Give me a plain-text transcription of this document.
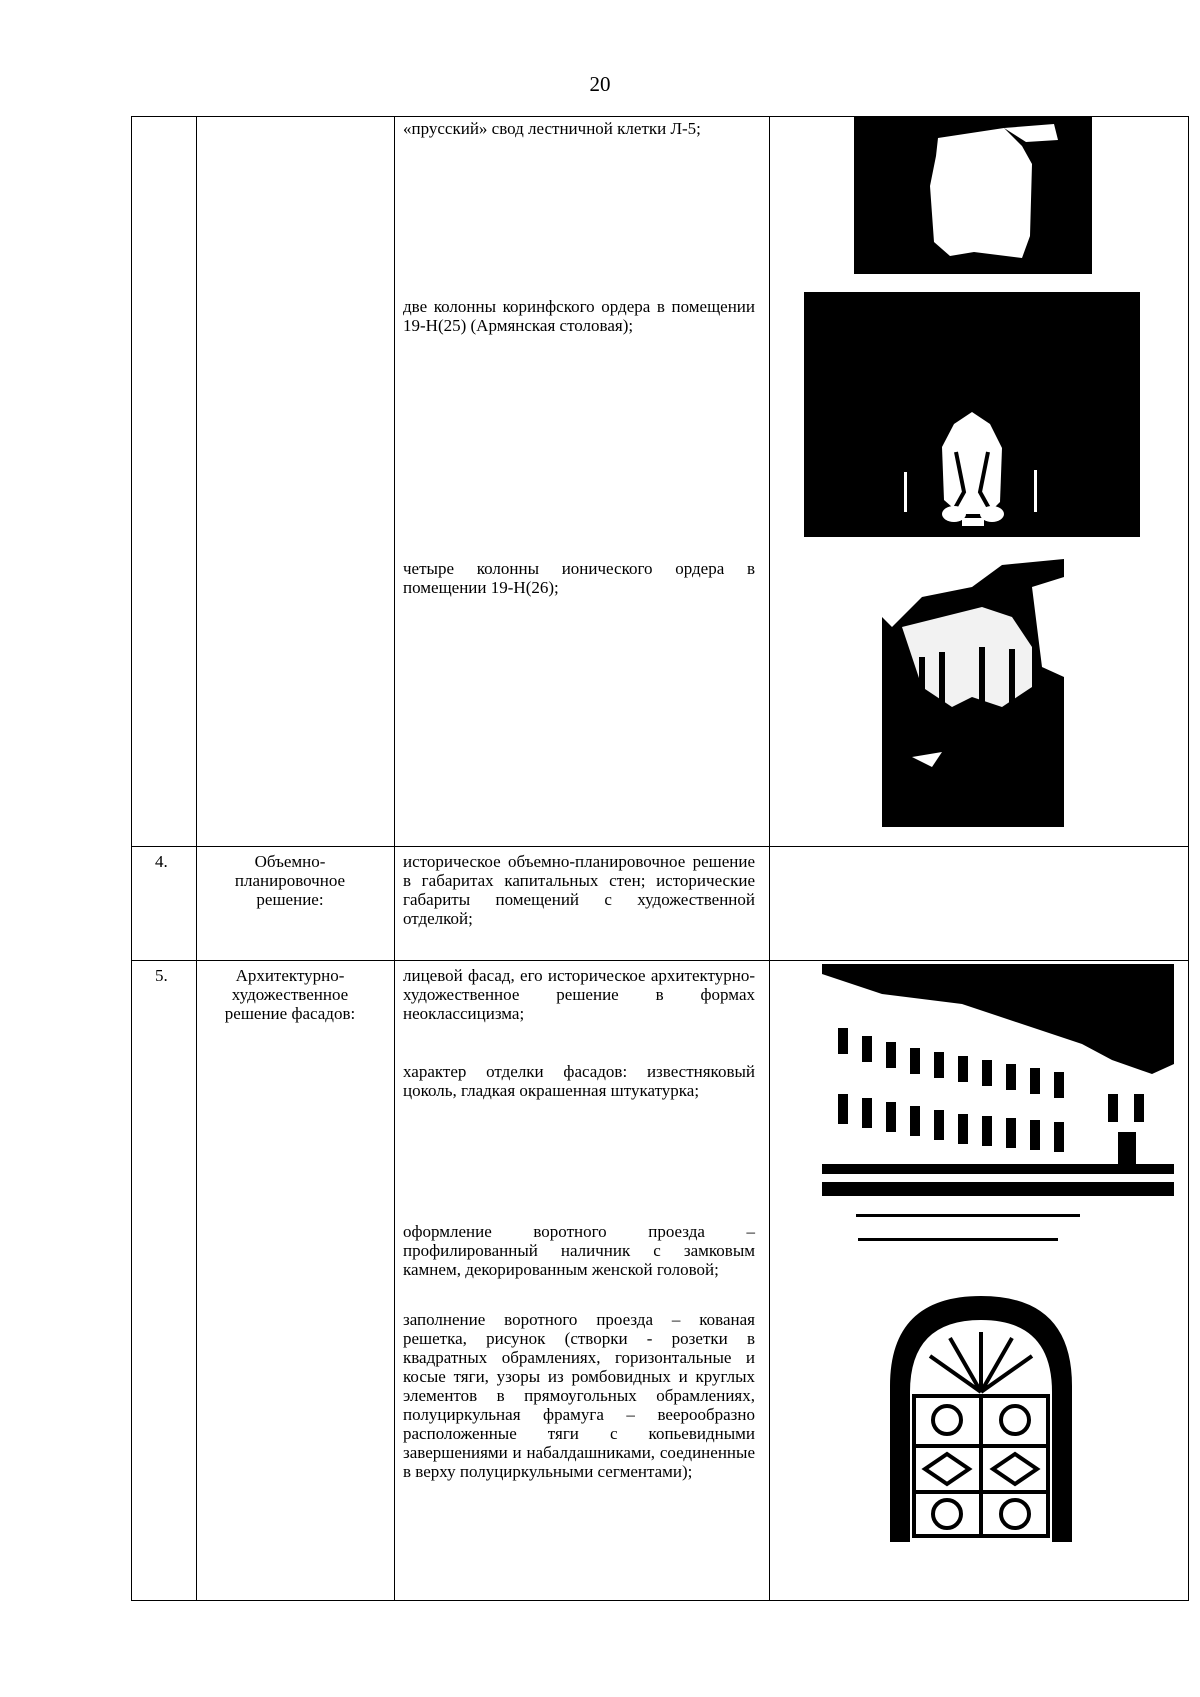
20
«прусский» свод лестничной клетки Л-5;
две колонны коринфского ордера в помещении 19-Н(25) (Армянская столовая);
четыре колонны ионического ордера в помещении 19-Н(26);
4.	Объемно-планировочное решение:
историческое объемно-планировочное решение в габаритах капитальных стен; исторические габариты помещений с художественной отделкой;
5.	Архитектурно-художественное решение фасадов:
лицевой фасад, его историческое архитектурно-художественное решение в формах неоклассицизма;
характер отделки фасадов: известняковый цоколь, гладкая окрашенная штукатурка;
оформление воротного проезда – профилированный наличник с замковым камнем, декорированным женской головой;
заполнение воротного проезда – кованая решетка, рисунок (створки - розетки в квадратных обрамлениях, горизонтальные и косые тяги, узоры из ромбовидных и круглых элементов в прямоугольных обрамлениях, полуциркульная фрамуга – веерообразно расположенные тяги с копьевидными завершениями и набалдашниками, соединенные в верху полуциркульными сегментами);
